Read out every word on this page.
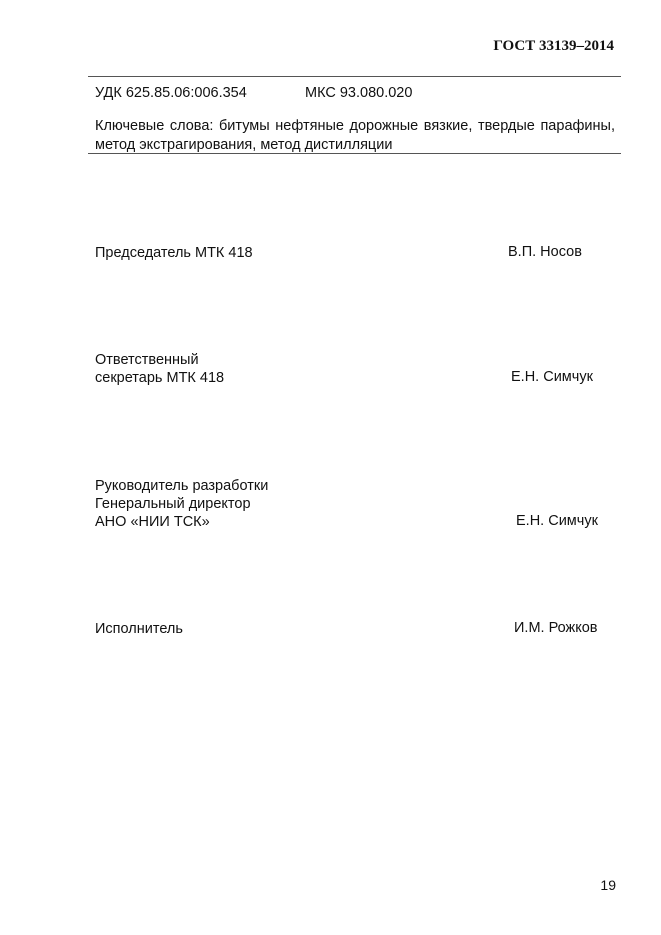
ГОСТ 33139–2014
УДК 625.85.06:006.354	МКС 93.080.020
Ключевые слова: битумы нефтяные дорожные вязкие, твердые парафины, метод экстрагирования, метод дистилляции
Председатель МТК 418	В.П. Носов
Ответственный
секретарь МТК 418	Е.Н. Симчук
Руководитель разработки
Генеральный директор
АНО «НИИ ТСК»	Е.Н. Симчук
Исполнитель	И.М. Рожков
19
